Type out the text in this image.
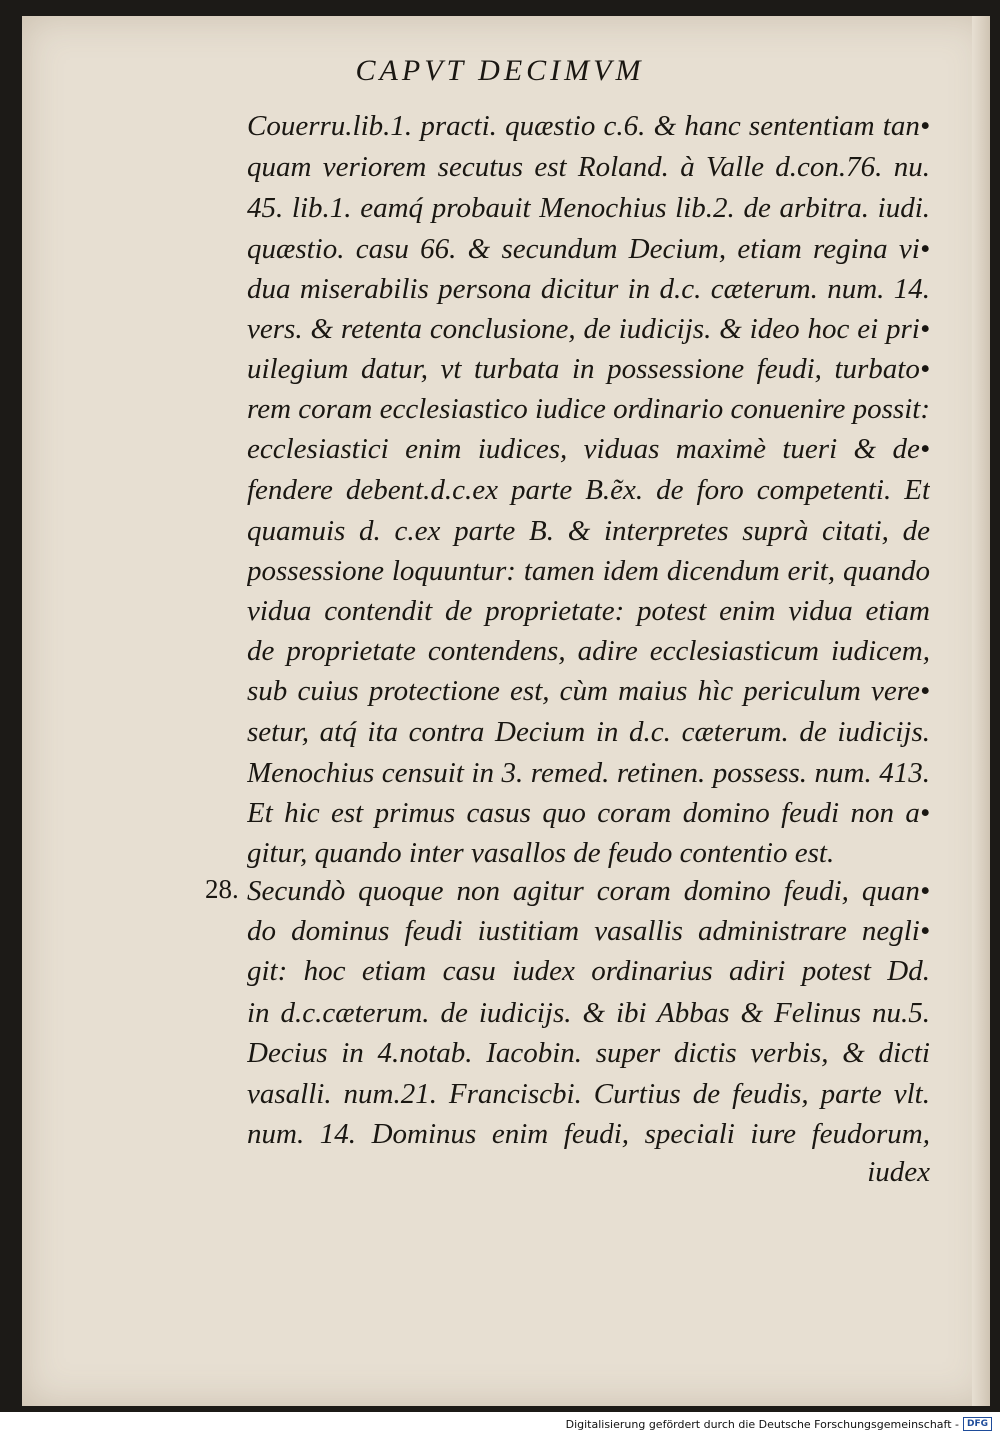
CAPVT DECIMVM
Couerru.lib.1. practi. quæstio c.6. & hanc sententiam tan•
quam veriorem secutus est Roland. à Valle d.con.76. nu.
45. lib.1. eamq́ probauit Menochius lib.2. de arbitra. iudi.
quæstio. casu 66. & secundum Decium, etiam regina vi•
dua miserabilis persona dicitur in d.c. cæterum. num. 14.
vers. & retenta conclusione, de iudicijs. & ideo hoc ei pri•
uilegium datur, vt turbata in possessione feudi, turbato•
rem coram ecclesiastico iudice ordinario conuenire possit:
ecclesiastici enim iudices, viduas maximè tueri & de•
fendere debent.d.c.ex parte B.ẽx. de foro competenti. Et
quamuis d. c.ex parte B. & interpretes suprà citati, de
possessione loquuntur: tamen idem dicendum erit, quando
vidua contendit de proprietate: potest enim vidua etiam
de proprietate contendens, adire ecclesiasticum iudicem,
sub cuius protectione est, cùm maius hìc periculum vere•
setur, atq́ ita contra Decium in d.c. cæterum. de iudicijs.
Menochius censuit in 3. remed. retinen. possess. num. 413.
Et hic est primus casus quo coram domino feudi non a•
gitur, quando inter vasallos de feudo contentio est.
28. Secundò quoque non agitur coram domino feudi, quan•
do dominus feudi iustitiam vasallis administrare negli•
git: hoc etiam casu iudex ordinarius adiri potest Dd.
in d.c.cæterum. de iudicijs. & ibi Abbas & Felinus nu.5.
Decius in 4.notab. Iacobin. super dictis verbis, & dicti
vasalli. num.21. Franciscbi. Curtius de feudis, parte vlt.
num. 14. Dominus enim feudi, speciali iure feudorum,
iudex
Digitalisierung gefördert durch die Deutsche Forschungsgemeinschaft - DFG
